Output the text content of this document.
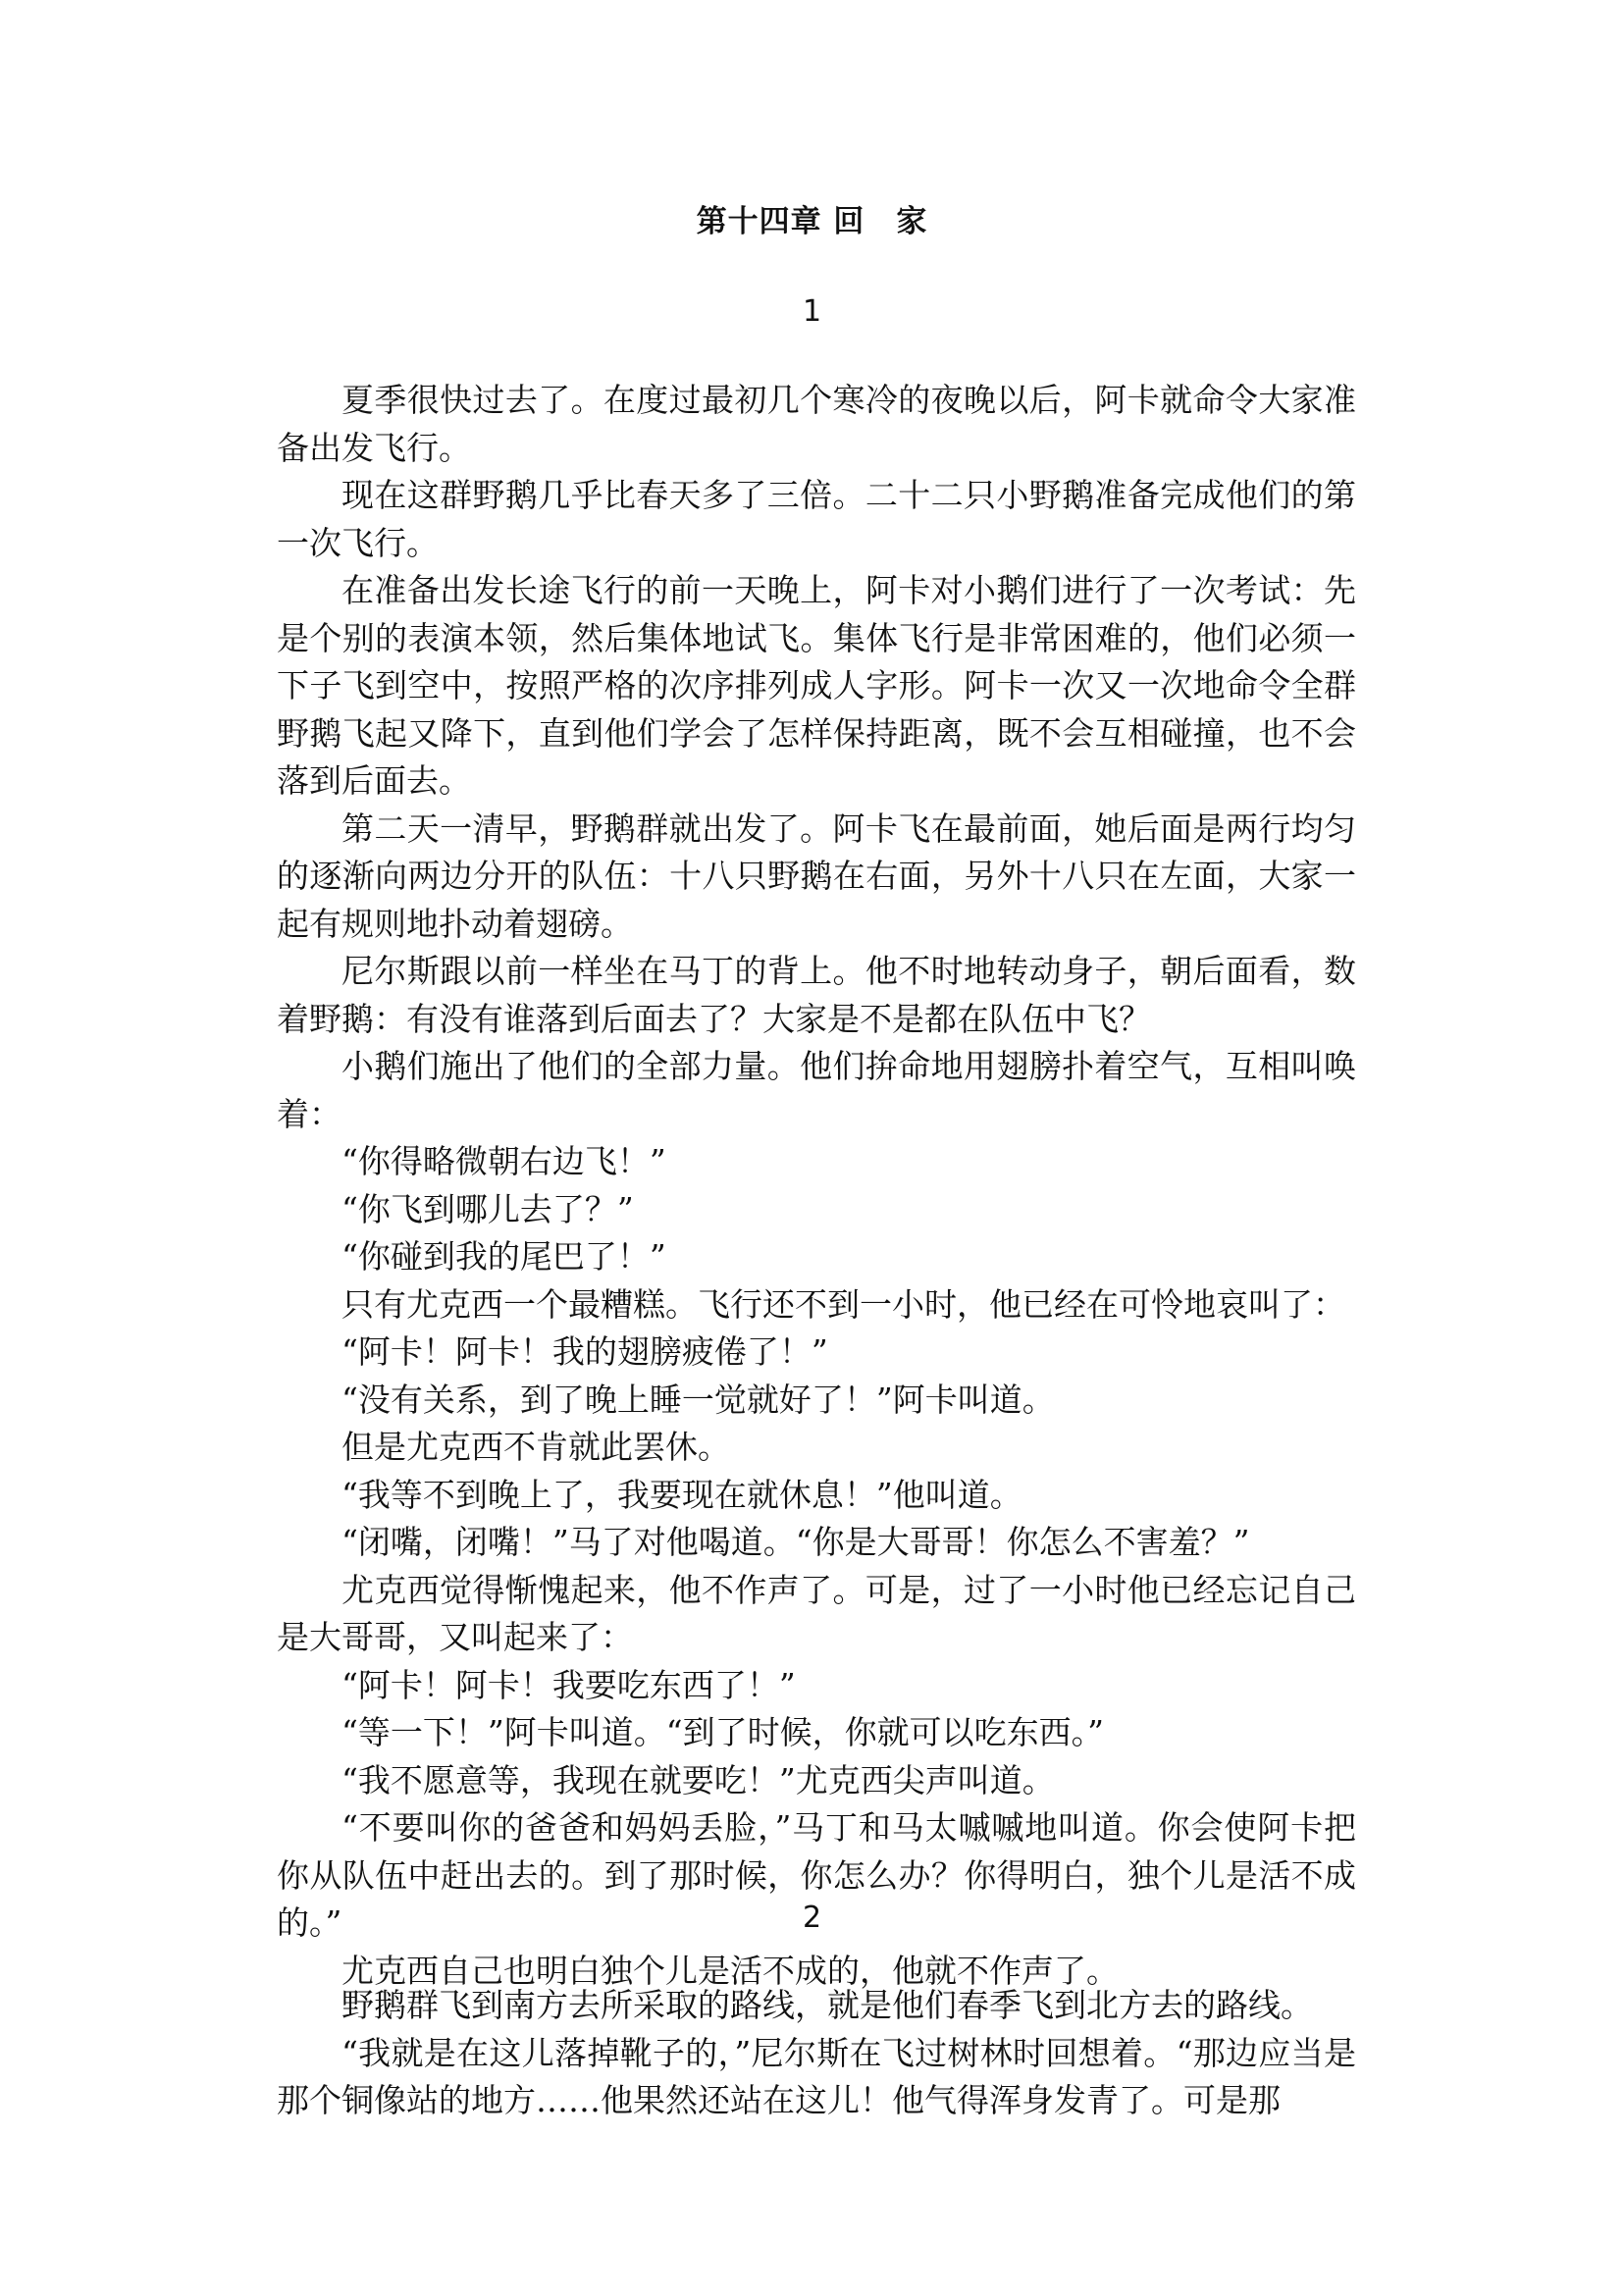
第十四章 回　家
1

夏季很快过去了。在度过最初几个寒冷的夜晚以后，阿卡就命令大家准备出发飞行。

现在这群野鹅几乎比春天多了三倍。二十二只小野鹅准备完成他们的第一次飞行。

在准备出发长途飞行的前一天晚上，阿卡对小鹅们进行了一次考试：先是个别的表演本领，然后集体地试飞。集体飞行是非常困难的，他们必须一下子飞到空中，按照严格的次序排列成人字形。阿卡一次又一次地命令全群野鹅飞起又降下，直到他们学会了怎样保持距离，既不会互相碰撞，也不会落到后面去。

第二天一清早，野鹅群就出发了。阿卡飞在最前面，她后面是两行均匀的逐渐向两边分开的队伍：十八只野鹅在右面，另外十八只在左面，大家一起有规则地扑动着翅磅。

尼尔斯跟以前一样坐在马丁的背上。他不时地转动身子，朝后面看，数着野鹅：有没有谁落到后面去了？大家是不是都在队伍中飞？

小鹅们施出了他们的全部力量。他们拚命地用翅膀扑着空气，互相叫唤着：

“你得略微朝右边飞！”

“你飞到哪儿去了？”

“你碰到我的尾巴了！”

只有尤克西一个最糟糕。飞行还不到一小时，他已经在可怜地哀叫了：

“阿卡！阿卡！我的翅膀疲倦了！”

“没有关系，到了晚上睡一觉就好了！”阿卡叫道。

但是尤克西不肯就此罢休。

“我等不到晚上了，我要现在就休息！”他叫道。

“闭嘴，闭嘴！”马了对他喝道。“你是大哥哥！你怎么不害羞？”

尤克西觉得惭愧起来，他不作声了。可是，过了一小时他已经忘记自己是大哥哥，又叫起来了：

“阿卡！阿卡！我要吃东西了！”

“等一下！”阿卡叫道。“到了时候，你就可以吃东西。”

“我不愿意等，我现在就要吃！”尤克西尖声叫道。

“不要叫你的爸爸和妈妈丢脸，”马丁和马太嘁嘁地叫道。你会使阿卡把你从队伍中赶出去的。到了那时候，你怎么办？你得明白，独个儿是活不成的。”

尤克西自己也明白独个儿是活不成的，他就不作声了。

2

野鹅群飞到南方去所采取的路线，就是他们春季飞到北方去的路线。

“我就是在这儿落掉靴子的，”尼尔斯在飞过树林时回想着。“那边应当是那个铜像站的地方……他果然还站在这儿！他气得浑身发青了。可是那
